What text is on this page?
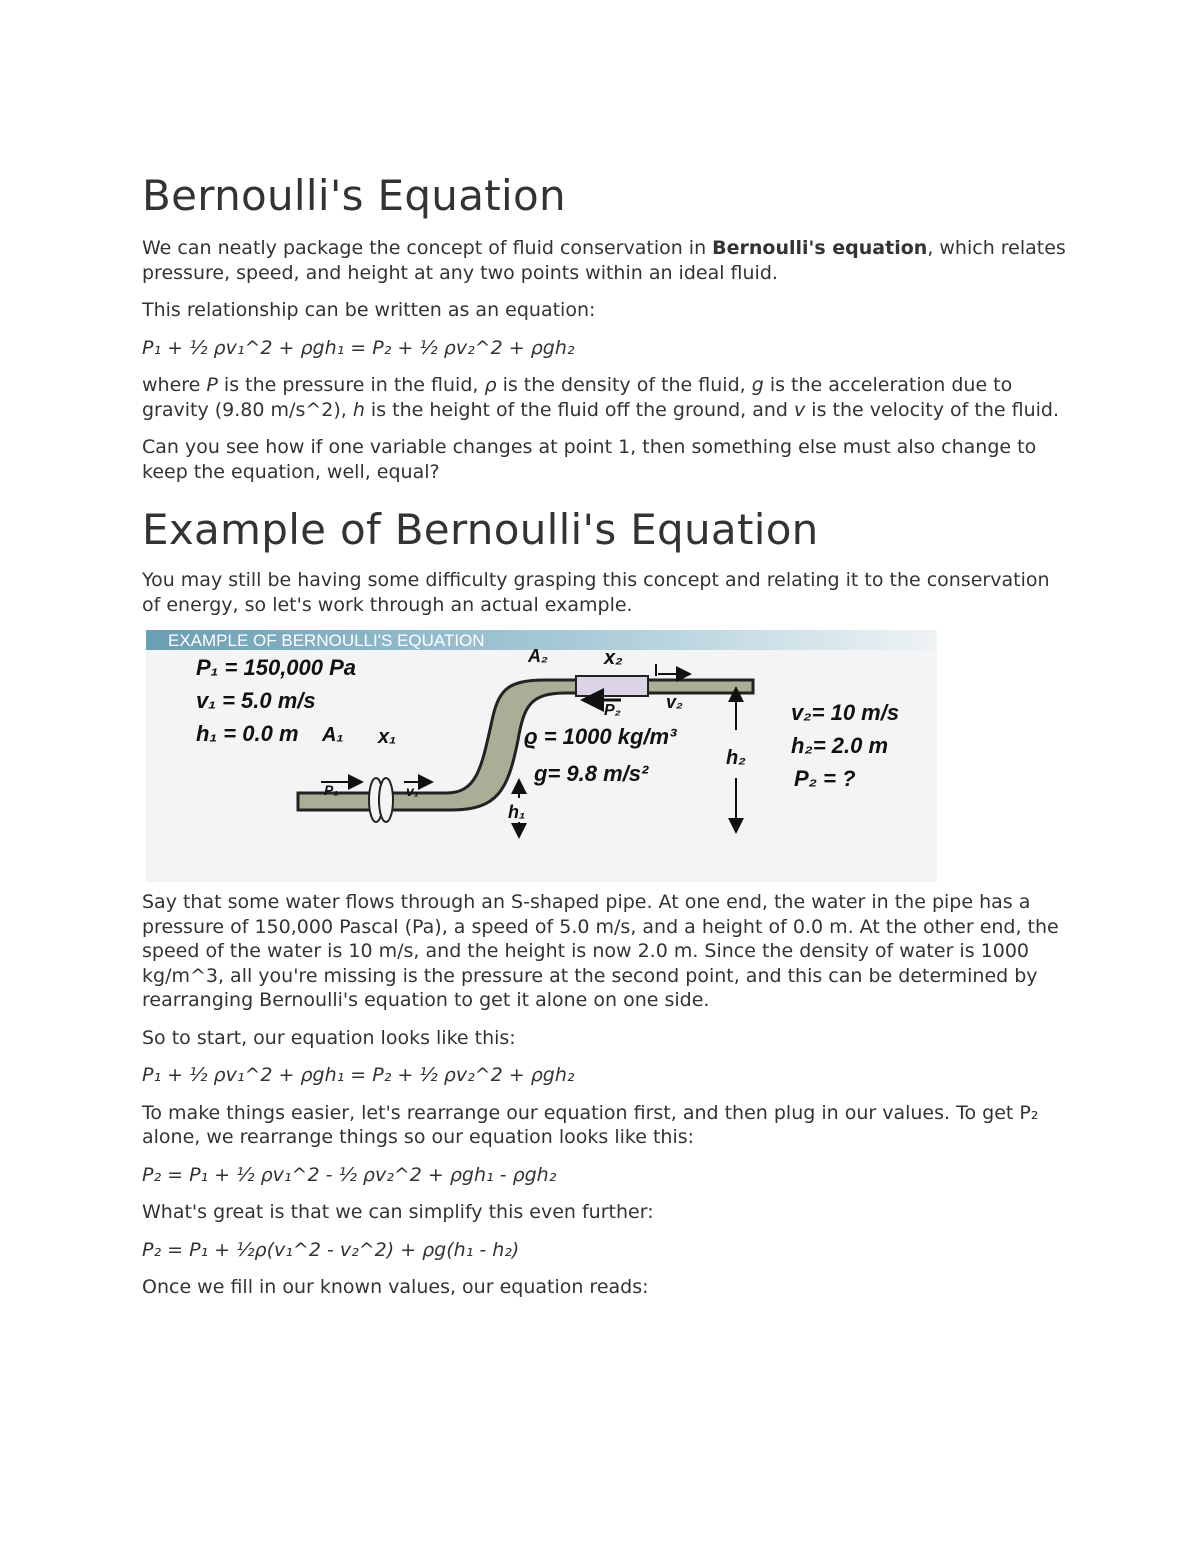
Bernoulli's Equation

We can neatly package the concept of fluid conservation in Bernoulli's equation, which relates pressure, speed, and height at any two points within an ideal fluid.

This relationship can be written as an equation:

P₁ + ½ ρv₁^2 + ρgh₁ = P₂ + ½ ρv₂^2 + ρgh₂

where P is the pressure in the fluid, ρ is the density of the fluid, g is the acceleration due to gravity (9.80 m/s^2), h is the height of the fluid off the ground, and v is the velocity of the fluid.

Can you see how if one variable changes at point 1, then something else must also change to keep the equation, well, equal?

Example of Bernoulli's Equation

You may still be having some difficulty grasping this concept and relating it to the conservation of energy, so let's work through an actual example.

EXAMPLE OF BERNOULLI'S EQUATION
P₁ = 150,000 Pa
v₁ = 5.0 m/s
h₁ = 0.0 m A₁ x₁
P₁	v₁
A₂	x₂
P₂	v₂
ϱ = 1000 kg/m³
g= 9.8 m/s²
h₁
h₂
v₂= 10 m/s
h₂= 2.0 m
P₂ = ?

Say that some water flows through an S-shaped pipe. At one end, the water in the pipe has a pressure of 150,000 Pascal (Pa), a speed of 5.0 m/s, and a height of 0.0 m. At the other end, the speed of the water is 10 m/s, and the height is now 2.0 m. Since the density of water is 1000 kg/m^3, all you're missing is the pressure at the second point, and this can be determined by rearranging Bernoulli's equation to get it alone on one side.

So to start, our equation looks like this:

P₁ + ½ ρv₁^2 + ρgh₁ = P₂ + ½ ρv₂^2 + ρgh₂

To make things easier, let's rearrange our equation first, and then plug in our values. To get P₂ alone, we rearrange things so our equation looks like this:

P₂ = P₁ + ½ ρv₁^2 - ½ ρv₂^2 + ρgh₁ - ρgh₂

What's great is that we can simplify this even further:

P₂ = P₁ + ½ρ(v₁^2 - v₂^2) + ρg(h₁ - h₂)

Once we fill in our known values, our equation reads:
